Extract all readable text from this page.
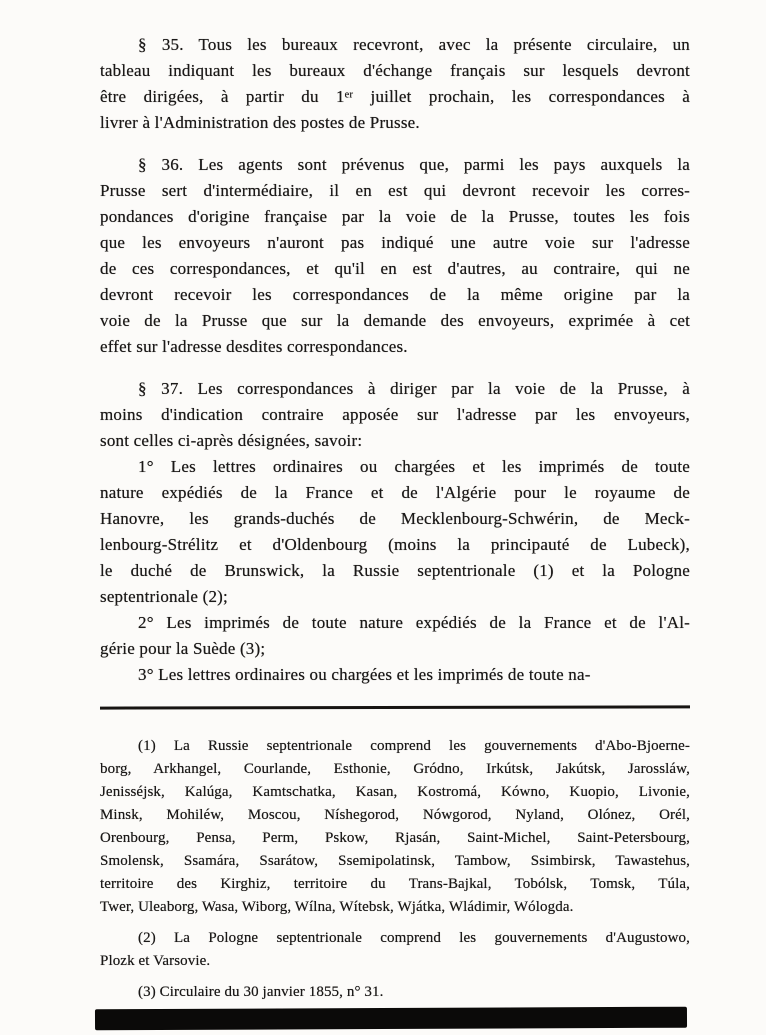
§ 35. Tous les bureaux recevront, avec la présente circulaire, un
tableau indiquant les bureaux d'échange français sur lesquels devront
être dirigées, à partir du 1ᵉʳ juillet prochain, les correspondances à
livrer à l'Administration des postes de Prusse.

§ 36. Les agents sont prévenus que, parmi les pays auxquels la
Prusse sert d'intermédiaire, il en est qui devront recevoir les corres-
pondances d'origine française par la voie de la Prusse, toutes les fois
que les envoyeurs n'auront pas indiqué une autre voie sur l'adresse
de ces correspondances, et qu'il en est d'autres, au contraire, qui ne
devront recevoir les correspondances de la même origine par la
voie de la Prusse que sur la demande des envoyeurs, exprimée à cet
effet sur l'adresse desdites correspondances.

§ 37. Les correspondances à diriger par la voie de la Prusse, à
moins d'indication contraire apposée sur l'adresse par les envoyeurs,
sont celles ci-après désignées, savoir:

1° Les lettres ordinaires ou chargées et les imprimés de toute
nature expédiés de la France et de l'Algérie pour le royaume de
Hanovre, les grands-duchés de Mecklenbourg-Schwérin, de Meck-
lenbourg-Strélitz et d'Oldenbourg (moins la principauté de Lubeck),
le duché de Brunswick, la Russie septentrionale (1) et la Pologne
septentrionale (2);

2° Les imprimés de toute nature expédiés de la France et de l'Al-
gérie pour la Suède (3);

3° Les lettres ordinaires ou chargées et les imprimés de toute na-

(1) La Russie septentrionale comprend les gouvernements d'Abo-Bjoerne-
borg, Arkhangel, Courlande, Esthonie, Gródno, Irkútsk, Jakútsk, Jarossláw,
Jenisséjsk, Kalúga, Kamtschatka, Kasan, Kostromá, Kówno, Kuopio, Livonie,
Minsk, Mohiléw, Moscou, Níshegorod, Nówgorod, Nyland, Olónez, Orél,
Orenbourg, Pensa, Perm, Pskow, Rjasán, Saint-Michel, Saint-Petersbourg,
Smolensk, Ssamára, Ssarátow, Ssemipolatinsk, Tambow, Ssimbirsk, Tawastehus,
territoire des Kirghiz, territoire du Trans-Bajkal, Tobólsk, Tomsk, Túla,
Twer, Uleaborg, Wasa, Wiborg, Wílna, Wítebsk, Wjátka, Wládimir, Wólogda.

(2) La Pologne septentrionale comprend les gouvernements d'Augustowo,
Plozk et Varsovie.

(3) Circulaire du 30 janvier 1855, n° 31.
